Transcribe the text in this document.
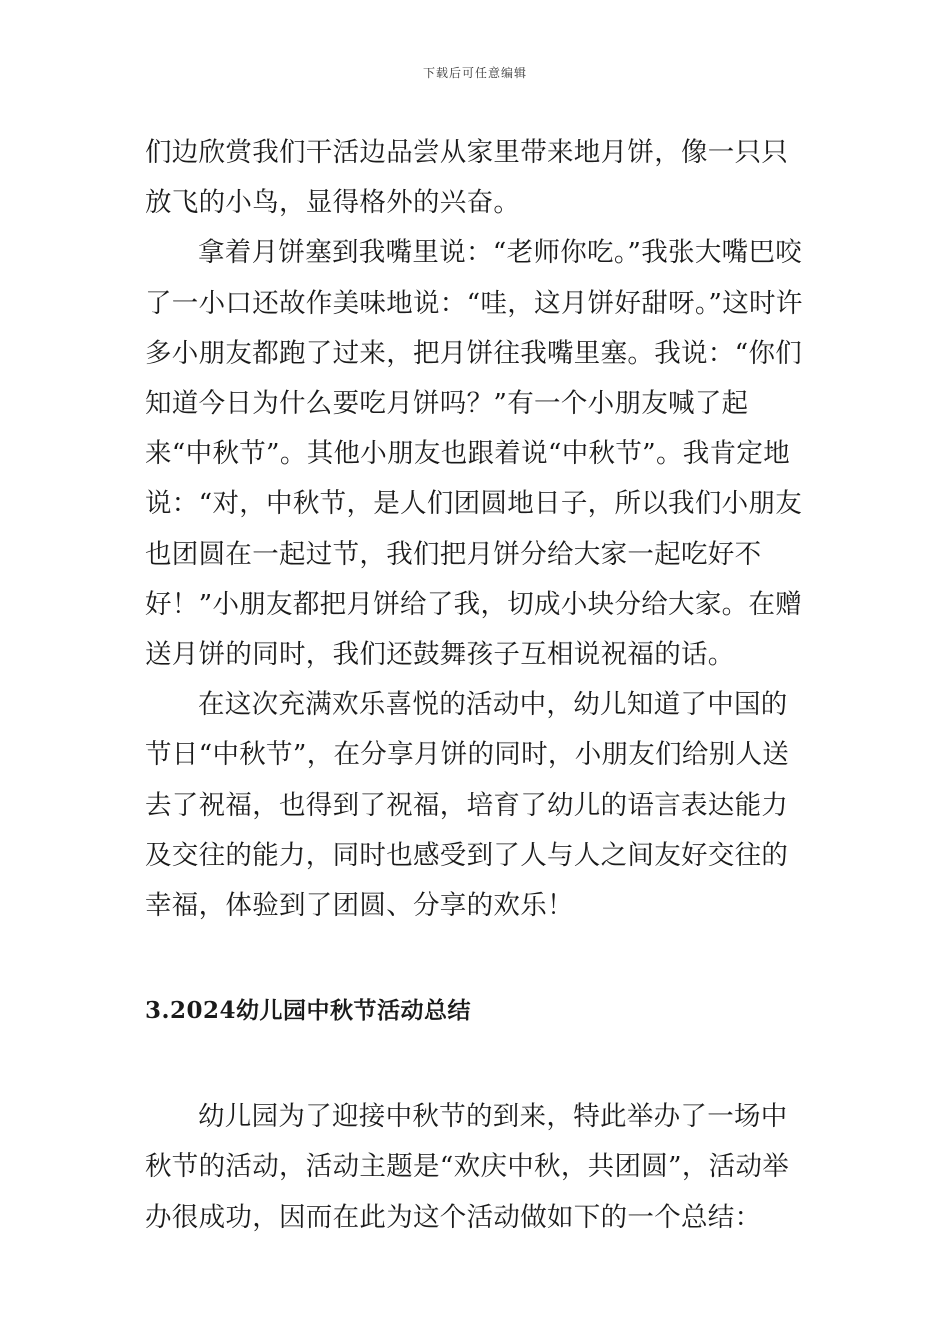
下载后可任意编辑

们边欣赏我们干活边品尝从家里带来地月饼，像一只只放飞的小鸟，显得格外的兴奋。

拿着月饼塞到我嘴里说：“老师你吃。”我张大嘴巴咬了一小口还故作美味地说：“哇，这月饼好甜呀。”这时许多小朋友都跑了过来，把月饼往我嘴里塞。我说：“你们知道今日为什么要吃月饼吗？”有一个小朋友喊了起来“中秋节”。其他小朋友也跟着说“中秋节”。我肯定地说：“对，中秋节，是人们团圆地日子，所以我们小朋友也团圆在一起过节，我们把月饼分给大家一起吃好不好！”小朋友都把月饼给了我，切成小块分给大家。在赠送月饼的同时，我们还鼓舞孩子互相说祝福的话。

在这次充满欢乐喜悦的活动中，幼儿知道了中国的节日“中秋节”，在分享月饼的同时，小朋友们给别人送去了祝福，也得到了祝福，培育了幼儿的语言表达能力及交往的能力，同时也感受到了人与人之间友好交往的幸福，体验到了团圆、分享的欢乐！

3.2024幼儿园中秋节活动总结

幼儿园为了迎接中秋节的到来，特此举办了一场中秋节的活动，活动主题是“欢庆中秋，共团圆”，活动举办很成功，因而在此为这个活动做如下的一个总结：
